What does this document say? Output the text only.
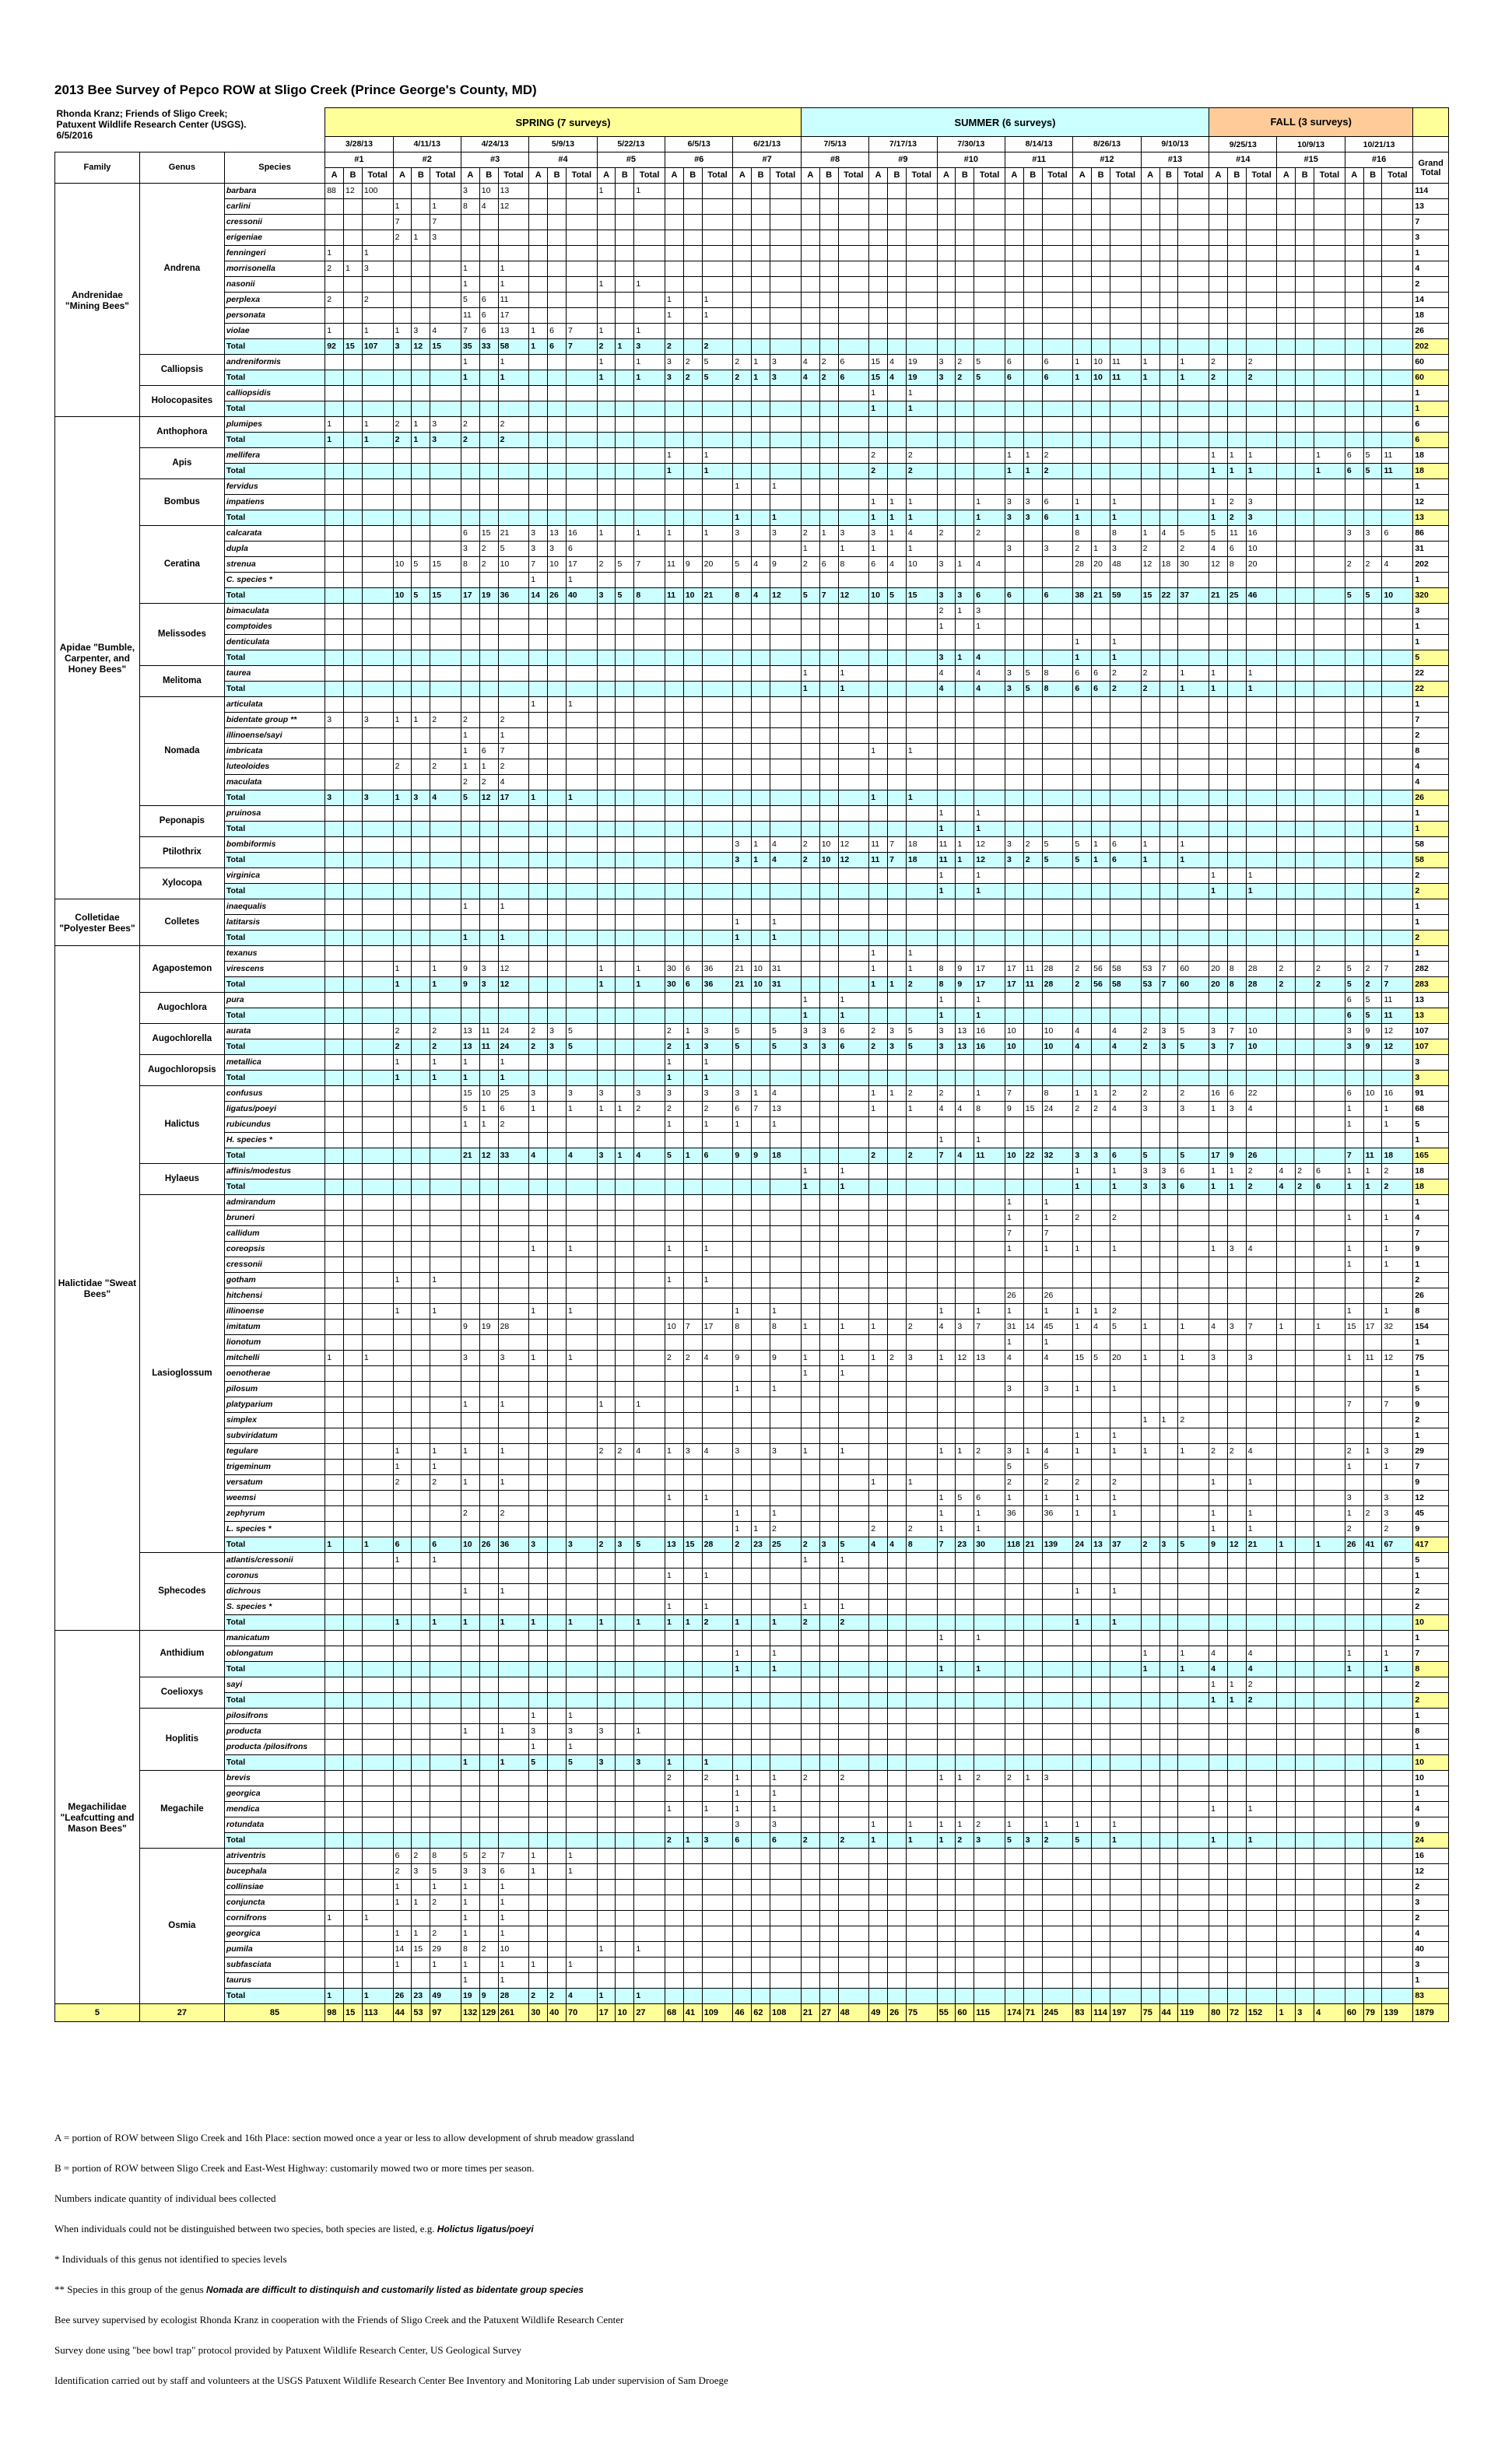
2013 Bee Survey of Pepco ROW at Sligo Creek (Prince George's County, MD)
Rhonda Kranz; Friends of Sligo Creek;
Patuxent Wildlife Research Center (USGS).
6/5/2016			SPRING (7 surveys)																					SUMMER (6 surveys)																		FALL (3 surveys)									
			3/28/13			4/11/13			4/24/13			5/9/13			5/22/13			6/5/13			6/21/13			7/5/13			7/17/13			7/30/13			8/14/13			8/26/13			9/10/13			9/25/13			10/9/13			10/21/13			
Family	Genus	Species	#1			#2			#3			#4			#5			#6			#7			#8			#9			#10			#11			#12			#13			#14			#15			#16			Grand Total
			A	B	Total	A	B	Total	A	B	Total	A	B	Total	A	B	Total	A	B	Total	A	B	Total	A	B	Total	A	B	Total	A	B	Total	A	B	Total	A	B	Total	A	B	Total	A	B	Total	A	B	Total	A	B	Total	
Andrenidae "Mining Bees"	Andrena	barbara	88	12	100				3	10	13				1		1																																		114
		carlini				1		1	8	4	12																																								13
		cressonii				7		7																																											7
		erigeniae				2	1	3																																											3
		fenningeri	1		1																																														1
		morrisonella	2	1	3				1		1																																								4
		nasonii							1		1				1		1																																		2
		perplexa	2		2				5	6	11							1		1																															14
		personata							11	6	17							1		1																															18
		violae	1		1	1	3	4	7	6	13	1	6	7	1		1																																		26
		Total	92	15	107	3	12	15	35	33	58	1	6	7	2	1	3	2		2																															202
	Calliopsis	andreniformis							1		1				1		1	3	2	5	2	1	3	4	2	6	15	4	19	3	2	5	6		6	1	10	11	1		1	2		2							60
		Total							1		1				1		1	3	2	5	2	1	3	4	2	6	15	4	19	3	2	5	6		6	1	10	11	1		1	2		2							60
	Holocopasites	calliopsidis																									1		1																						1
		Total																									1		1																						1
Apidae "Bumble, Carpenter, and Honey Bees"	Anthophora	plumipes	1		1	2	1	3	2		2																																								6
		Total	1		1	2	1	3	2		2																																								6
	Apis	mellifera																1		1							2		2				1	1	2							1	1	1			1	6	5	11	18
		Total																1		1							2		2				1	1	2							1	1	1			1	6	5	11	18
	Bombus	fervidus																			1		1																												1
		impatiens																									1	1	1			1	3	3	6	1		1				1	2	3							12
		Total																			1		1				1	1	1			1	3	3	6	1		1				1	2	3							13
	Ceratina	calcarata							6	15	21	3	13	16	1		1	1		1	3		3	2	1	3	3	1	4	2		2				8		8	1	4	5	5	11	16				3	3	6	86
		dupla							3	2	5	3	3	6										1		1	1		1				3		3	2	1	3	2		2	4	6	10							31
		strenua				10	5	15	8	2	10	7	10	17	2	5	7	11	9	20	5	4	9	2	6	8	6	4	10	3	1	4				28	20	48	12	18	30	12	8	20				2	2	4	202
		C. species *										1		1																																					1
		Total				10	5	15	17	19	36	14	26	40	3	5	8	11	10	21	8	4	12	5	7	12	10	5	15	3	3	6	6		6	38	21	59	15	22	37	21	25	46				5	5	10	320
	Melissodes	bimaculata																												2	1	3																			3
		comptoides																												1		1																			1
		denticulata																																		1		1													1
		Total																												3	1	4				1		1													5
	Melitoma	taurea																						1		1				4		4	3	5	8	6	6	2	2		1	1		1							22
		Total																						1		1				4		4	3	5	8	6	6	2	2		1	1		1							22
	Nomada	articulata										1		1																																					1
		bidentate group **	3		3	1	1	2	2		2																																								7
		illinoense/sayi							1		1																																								2
		imbricata							1	6	7																1		1																						8
		luteoloides				2		2	1	1	2																																								4
		maculata							2	2	4																																								4
		Total	3		3	1	3	4	5	12	17	1		1													1		1																						26
	Peponapis	pruinosa																												1		1																			1
		Total																												1		1																			1
	Ptilothrix	bombiformis																			3	1	4	2	10	12	11	7	18	11	1	12	3	2	5	5	1	6	1		1										58
		Total																			3	1	4	2	10	12	11	7	18	11	1	12	3	2	5	5	1	6	1		1										58
	Xylocopa	virginica																												1		1										1		1							2
		Total																												1		1										1		1							2
Colletidae "Polyester Bees"	Colletes	inaequalis							1		1																																								1
		latitarsis																			1		1																												1
		Total							1		1										1		1																												2
Halictidae "Sweat Bees"	Agapostemon	texanus																									1		1																						1
		virescens				1		1	9	3	12				1		1	30	6	36	21	10	31				1		1	8	9	17	17	11	28	2	56	58	53	7	60	20	8	28	2		2	5	2	7	282
		Total				1		1	9	3	12				1		1	30	6	36	21	10	31				1	1	2	8	9	17	17	11	28	2	56	58	53	7	60	20	8	28	2		2	5	2	7	283
	Augochlora	pura																						1		1				1		1																6	5	11	13
		Total																						1		1				1		1																6	5	11	13
	Augochlorella	aurata				2		2	13	11	24	2	3	5				2	1	3	5		5	3	3	6	2	3	5	3	13	16	10		10	4		4	2	3	5	3	7	10				3	9	12	107
		Total				2		2	13	11	24	2	3	5				2	1	3	5		5	3	3	6	2	3	5	3	13	16	10		10	4		4	2	3	5	3	7	10				3	9	12	107
	Augochloropsis	metallica				1		1	1		1							1		1																															3
		Total				1		1	1		1							1		1																															3
	Halictus	confusus							15	10	25	3		3	3		3	3		3	3	1	4				1	1	2	2		1	7		8	1	1	2	2		2	16	6	22				6	10	16	91
		ligatus/poeyi							5	1	6	1		1	1	1	2	2		2	6	7	13				1		1	4	4	8	9	15	24	2	2	4	3		3	1	3	4				1		1	68
		rubicundus							1	1	2							1		1	1		1																									1		1	5
		H. species *																												1		1																			1
		Total							21	12	33	4		4	3	1	4	5	1	6	9	9	18				2		2	7	4	11	10	22	32	3	3	6	5		5	17	9	26				7	11	18	165
	Hylaeus	affinis/modestus																						1		1										1		1	3	3	6	1	1	2	4	2	6	1	1	2	18
		Total																						1		1										1		1	3	3	6	1	1	2	4	2	6	1	1	2	18
	Lasioglossum	admirandum																															1		1																1
		bruneri																															1		1	2		2										1		1	4
		callidum																															7		7																7
		coreopsis										1		1				1		1													1		1	1		1				1	3	4				1		1	9
		cressonii																																														1		1	1
		gotham				1		1										1		1																															2
		hitchensi																															26		26																26
		illinoense				1		1				1		1							1		1							1		1	1		1	1	1	2										1		1	8
		imitatum							9	19	28							10	7	17	8		8	1		1	1		2	4	3	7	31	14	45	1	4	5	1		1	4	3	7	1		1	15	17	32	154
		lionotum																															1		1																1
		mitchelli	1		1				3		3	1		1				2	2	4	9		9	1		1	1	2	3	1	12	13	4		4	15	5	20	1		1	3		3				1	11	12	75
		oenotherae																						1		1																									1
		pilosum																			1		1										3		3	1		1													5
		platyparium							1		1				1		1																															7		7	9
		simplex																																					1	1	2										2
		subviridatum																																		1		1													1
		tegulare				1		1	1		1				2	2	4	1	3	4	3		3	1		1				1	1	2	3	1	4	1		1	1		1	2	2	4				2	1	3	29
		trigeminum				1		1																									5		5													1		1	7
		versatum				2		2	1		1																1		1				2		2	2		2				1		1							9
		weemsi																1		1										1	5	6	1		1	1		1										3		3	12
		zephyrum							2		2										1		1							1		1	36		36	1		1				1		1				1	2	3	45
		L. species *																			1	1	2				2		2	1		1										1		1				2		2	9
		Total	1		1	6		6	10	26	36	3		3	2	3	5	13	15	28	2	23	25	2	3	5	4	4	8	7	23	30	118	21	139	24	13	37	2	3	5	9	12	21	1		1	26	41	67	417
	Sphecodes	atlantis/cressonii				1		1																1		1																									5
		coronus																1		1																															1
		dichrous							1		1																									1		1													2
		S. species *																1		1				1		1																									2
		Total				1		1	1		1	1		1	1		1	1	1	2	1		1	2		2										1		1													10
Megachilidae "Leafcutting and Mason Bees"	Anthidium	manicatum																												1		1																			1
		oblongatum																			1		1																1		1	4		4				1		1	7
		Total																			1		1							1		1							1		1	4		4				1		1	8
	Coelioxys	sayi																																								1	1	2							2
		Total																																								1	1	2							2
	Hoplitis	pilosifrons										1		1																																					1
		producta							1		1	3		3	3		1																																		8
		producta /pilosifrons										1		1																																					1
		Total							1		1	5		5	3		3	1		1																															10
	Megachile	brevis																2		2	1		1	2		2				1	1	2	2	1	3																10
		georgica																			1		1																												1
		mendica																1		1	1		1																			1		1							4
		rotundata																			3		3				1		1	1	1	2	1		1	1		1													9
		Total																2	1	3	6		6	2		2	1		1	1	2	3	5	3	2	5		1				1		1							24
	Osmia	atriventris				6	2	8	5	2	7	1		1																																					16
		bucephala				2	3	5	3	3	6	1		1																																					12
		collinsiae				1		1	1		1																																								2
		conjuncta				1	1	2	1		1																																								3
		cornifrons	1		1				1		1																																								2
		georgica				1	1	2	1		1																																								4
		pumila				14	15	29	8	2	10				1		1																																		40
		subfasciata				1		1	1		1	1		1																																					3
		taurus							1		1																																								1
		Total	1		1	26	23	49	19	9	28	2	2	4	1		1																																		83
5	27	85	98	15	113	44	53	97	132	129	261	30	40	70	17	10	27	68	41	109	46	62	108	21	27	48	49	26	75	55	60	115	174	71	245	83	114	197	75	44	119	80	72	152	1	3	4	60	79	139	1879

A = portion of ROW between Sligo Creek and 16th Place: section mowed once a year or less to allow development of shrub meadow grassland

B = portion of ROW between Sligo Creek and East-West Highway: customarily mowed two or more times per season.

Numbers indicate quantity of individual bees collected

When individuals could not be distinguished between two species, both species are listed, e.g. Holictus ligatus/poeyi

* Individuals of this genus not identified to species levels

** Species in this group of the genus Nomada are difficult to distinquish and customarily listed as bidentate group species

Bee survey supervised by ecologist Rhonda Kranz in cooperation with the Friends of Sligo Creek and the Patuxent Wildlife Research Center

Survey done using "bee bowl trap" protocol provided by Patuxent Wildlife Research Center, US Geological Survey

Identification carried out by staff and volunteers at the USGS Patuxent Wildlife Research Center Bee Inventory and Monitoring Lab under supervision of Sam Droege
